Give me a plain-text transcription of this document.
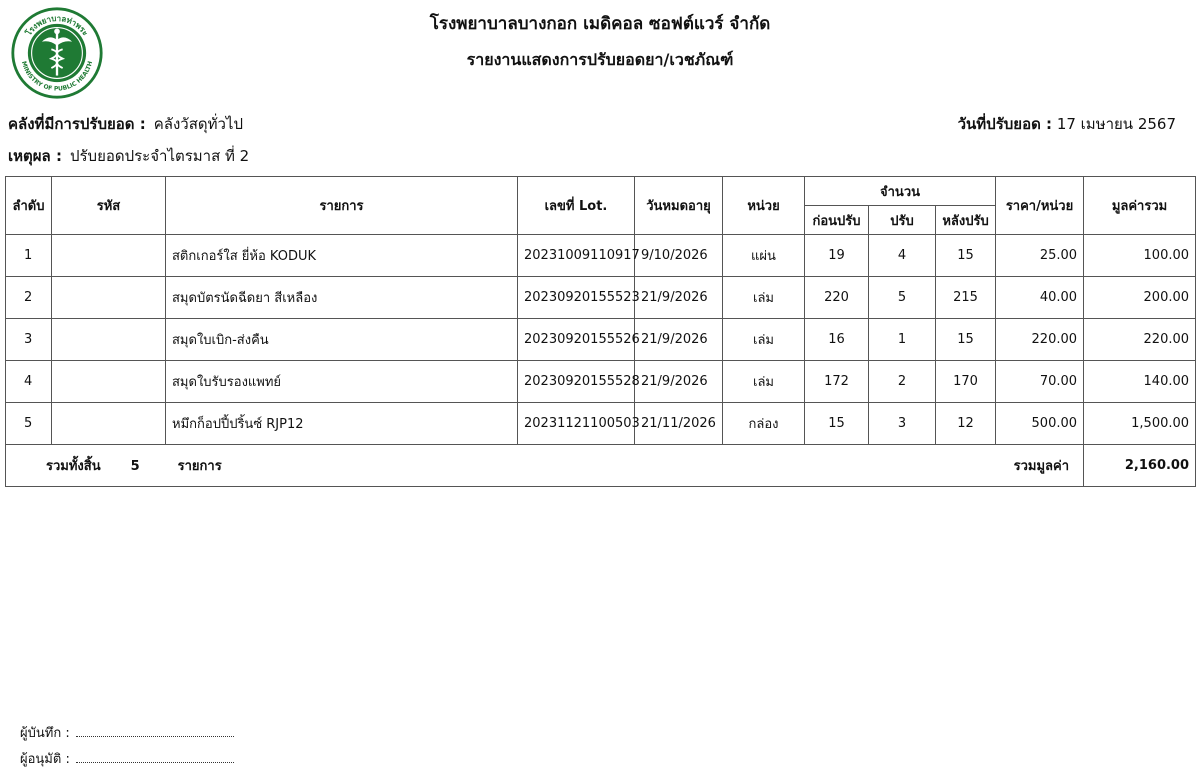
โรงพยาบาลท่าพระ
MINISTRY OF PUBLIC HEALTH
โรงพยาบาลบางกอก เมดิคอล ซอฟต์แวร์ จำกัด
รายงานแสดงการปรับยอดยา/เวชภัณฑ์
คลังที่มีการปรับยอด : คลังวัสดุทั่วไป	วันที่ปรับยอด : 17 เมษายน 2567
เหตุผล : ปรับยอดประจำไตรมาส ที่ 2
ลำดับ	รหัส	รายการ	เลขที่ Lot.	วันหมดอายุ	หน่วย	จำนวน			ราคา/หน่วย	มูลค่ารวม
						ก่อนปรับ	ปรับ	หลังปรับ		
1		สติกเกอร์ใส ยี่ห้อ KODUK	20231009110917	9/10/2026	แผ่น	19	4	15	25.00	100.00
2		สมุดบัตรนัดฉีดยา สีเหลือง	20230920155523	21/9/2026	เล่ม	220	5	215	40.00	200.00
3		สมุดใบเบิก-ส่งคืน	20230920155526	21/9/2026	เล่ม	16	1	15	220.00	220.00
4		สมุดใบรับรองแพทย์	20230920155528	21/9/2026	เล่ม	172	2	170	70.00	140.00
5		หมึกก็อปปี้ปริ้นซ์ RJP12	20231121100503	21/11/2026	กล่อง	15	3	12	500.00	1,500.00
รวมทั้งสิ้น 5 รายการ					รวมมูลค่า					2,160.00
ผู้บันทึก :
ผู้อนุมัติ :
